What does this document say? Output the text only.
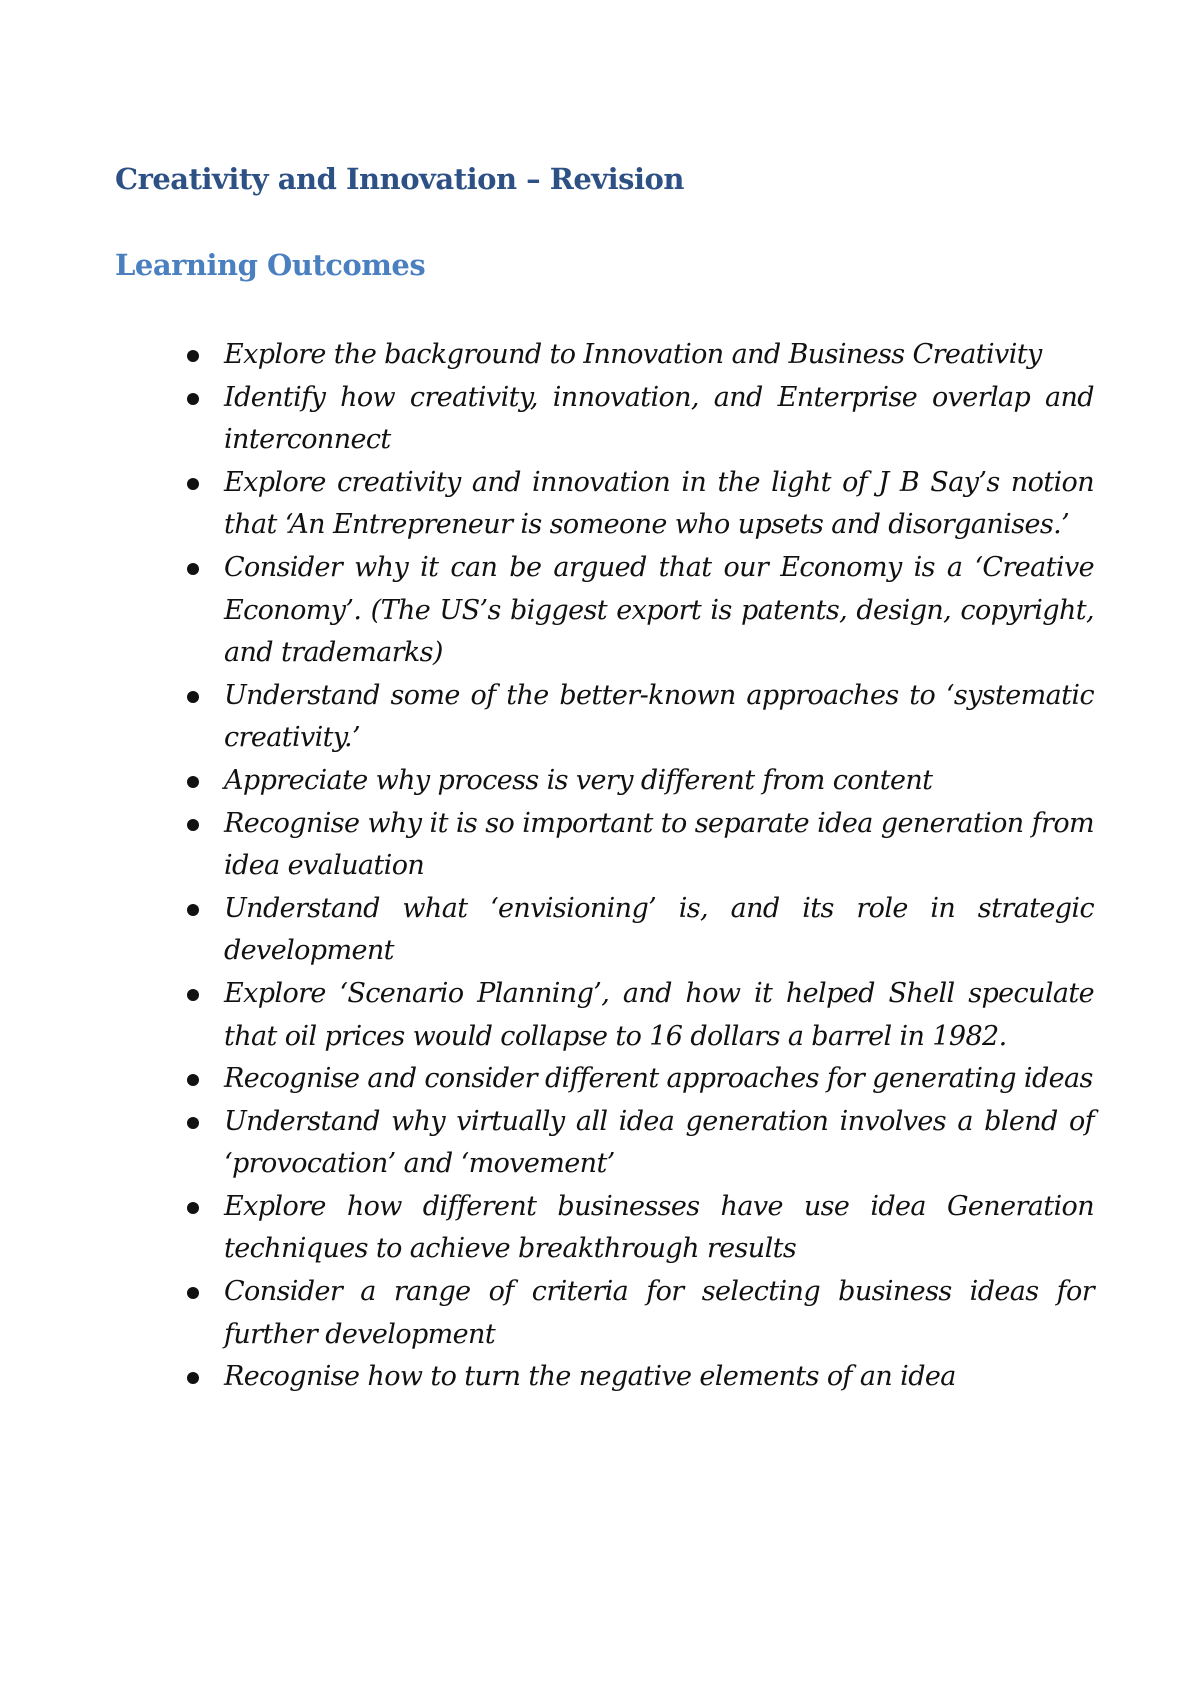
Creativity and Innovation – Revision
Learning Outcomes
Explore the background to Innovation and Business Creativity
Identify how creativity, innovation, and Enterprise overlap and interconnect
Explore creativity and innovation in the light of J B Say’s notion that ‘An Entrepreneur is someone who upsets and disorganises.’
Consider why it can be argued that our Economy is a ‘Creative Economy’. (The US’s biggest export is patents, design, copyright, and trademarks)
Understand some of the better-known approaches to ‘systematic creativity.’
Appreciate why process is very different from content
Recognise why it is so important to separate idea generation from idea evaluation
Understand what ‘envisioning’ is, and its role in strategic development
Explore ‘Scenario Planning’, and how it helped Shell speculate that oil prices would collapse to 16 dollars a barrel in 1982.
Recognise and consider different approaches for generating ideas
Understand why virtually all idea generation involves a blend of ‘provocation’ and ‘movement’
Explore how different businesses have use idea Generation techniques to achieve breakthrough results
Consider a range of criteria for selecting business ideas for further development
Recognise how to turn the negative elements of an idea
